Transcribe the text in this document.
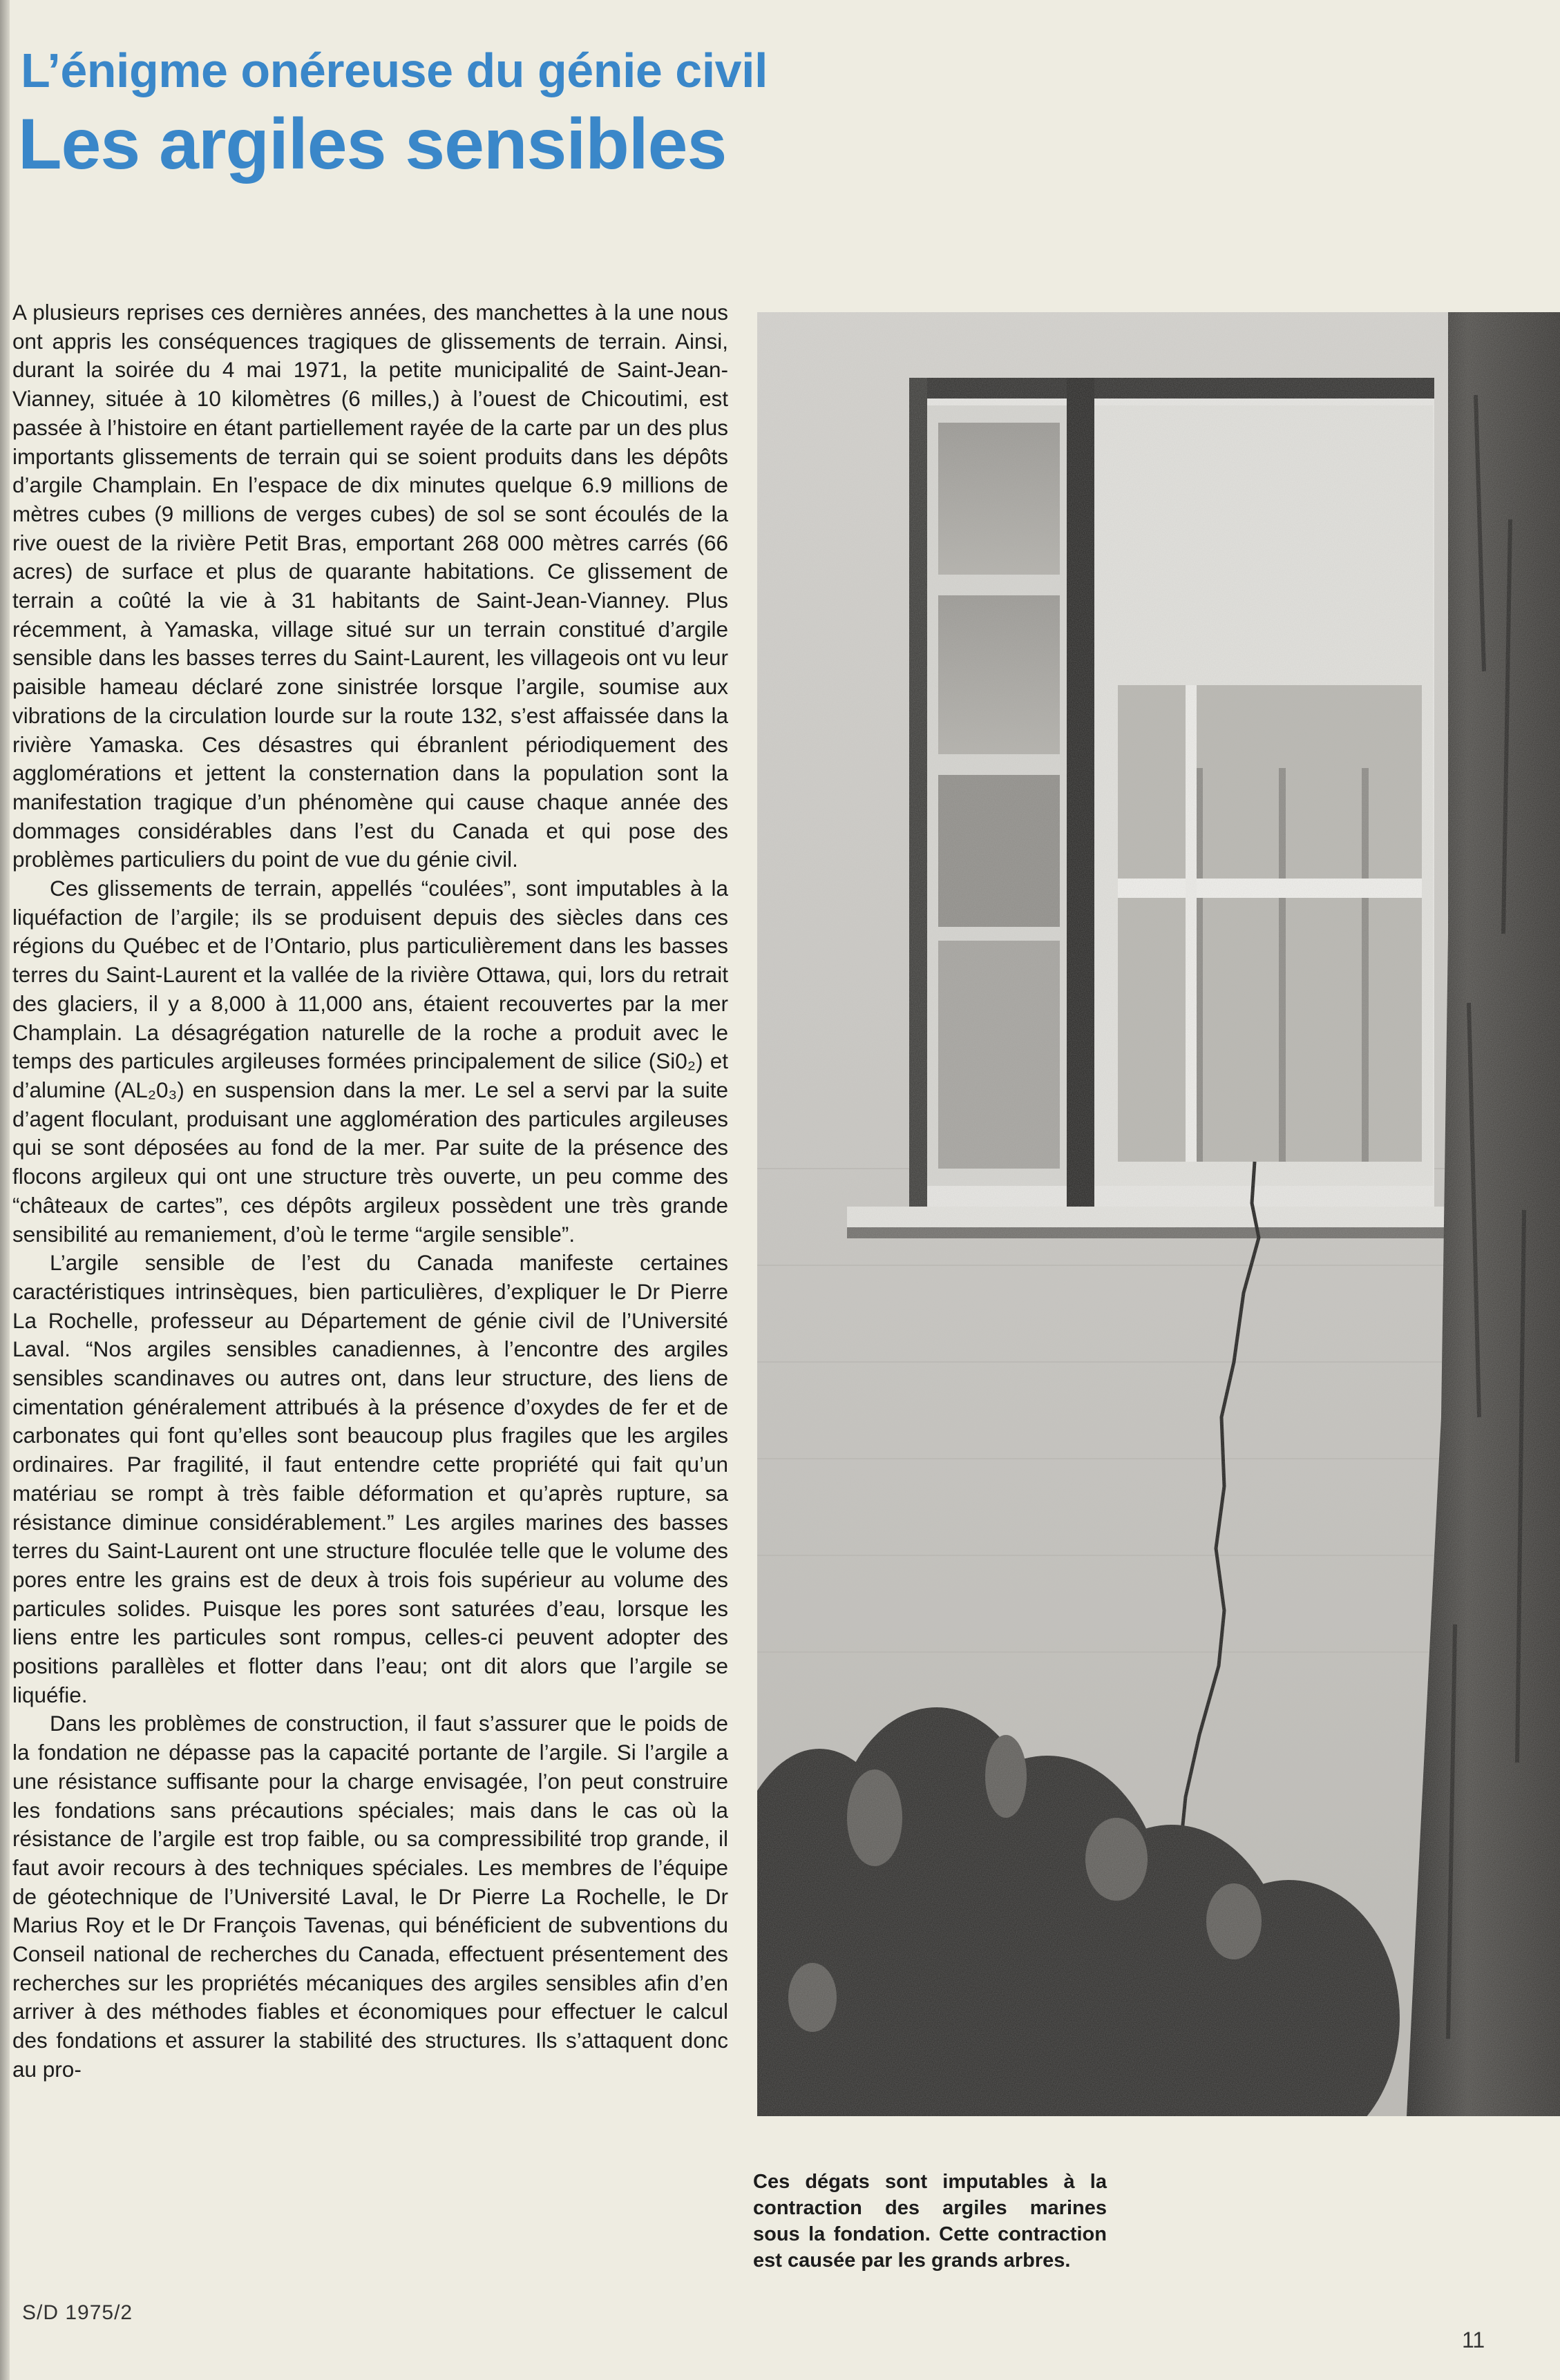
L’énigme onéreuse du génie civil
Les argiles sensibles

A plusieurs reprises ces dernières années, des manchettes à la une nous ont appris les conséquences tragiques de glissements de terrain. Ainsi, durant la soirée du 4 mai 1971, la petite municipalité de Saint-Jean-Vianney, située à 10 kilomètres (6 milles,) à l’ouest de Chicoutimi, est passée à l’histoire en étant partiellement rayée de la carte par un des plus importants glissements de terrain qui se soient produits dans les dépôts d’argile Champlain. En l’espace de dix minutes quelque 6.9 millions de mètres cubes (9 millions de verges cubes) de sol se sont écoulés de la rive ouest de la rivière Petit Bras, emportant 268 000 mètres carrés (66 acres) de surface et plus de quarante habitations. Ce glissement de terrain a coûté la vie à 31 habitants de Saint-Jean-Vianney. Plus récemment, à Yamaska, village situé sur un terrain constitué d’argile sensible dans les basses terres du Saint-Laurent, les villageois ont vu leur paisible hameau déclaré zone sinistrée lorsque l’argile, soumise aux vibrations de la circulation lourde sur la route 132, s’est affaissée dans la rivière Yamaska. Ces désastres qui ébranlent périodiquement des agglomérations et jettent la consternation dans la population sont la manifestation tragique d’un phénomène qui cause chaque année des dommages considérables dans l’est du Canada et qui pose des problèmes particuliers du point de vue du génie civil.

Ces glissements de terrain, appellés “coulées”, sont imputables à la liquéfaction de l’argile; ils se produisent depuis des siècles dans ces régions du Québec et de l’Ontario, plus particulièrement dans les basses terres du Saint-Laurent et la vallée de la rivière Ottawa, qui, lors du retrait des glaciers, il y a 8,000 à 11,000 ans, étaient recouvertes par la mer Champlain. La désagrégation naturelle de la roche a produit avec le temps des particules argileuses formées principalement de silice (Si0₂) et d’alumine (AL₂0₃) en suspension dans la mer. Le sel a servi par la suite d’agent floculant, produisant une agglomération des particules argileuses qui se sont déposées au fond de la mer. Par suite de la présence des flocons argileux qui ont une structure très ouverte, un peu comme des “châteaux de cartes”, ces dépôts argileux possèdent une très grande sensibilité au remaniement, d’où le terme “argile sensible”.

L’argile sensible de l’est du Canada manifeste certaines caractéristiques intrinsèques, bien particulières, d’expliquer le Dr Pierre La Rochelle, professeur au Département de génie civil de l’Université Laval. “Nos argiles sensibles canadiennes, à l’encontre des argiles sensibles scandinaves ou autres ont, dans leur structure, des liens de cimentation généralement attribués à la présence d’oxydes de fer et de carbonates qui font qu’elles sont beaucoup plus fragiles que les argiles ordinaires. Par fragilité, il faut entendre cette propriété qui fait qu’un matériau se rompt à très faible déformation et qu’après rupture, sa résistance diminue considérablement.” Les argiles marines des basses terres du Saint-Laurent ont une structure floculée telle que le volume des pores entre les grains est de deux à trois fois supérieur au volume des particules solides. Puisque les pores sont saturées d’eau, lorsque les liens entre les particules sont rompus, celles-ci peuvent adopter des positions parallèles et flotter dans l’eau; ont dit alors que l’argile se liquéfie.

Dans les problèmes de construction, il faut s’assurer que le poids de la fondation ne dépasse pas la capacité portante de l’argile. Si l’argile a une résistance suffisante pour la charge envisagée, l’on peut construire les fondations sans précautions spéciales; mais dans le cas où la résistance de l’argile est trop faible, ou sa compressibilité trop grande, il faut avoir recours à des techniques spéciales. Les membres de l’équipe de géotechnique de l’Université Laval, le Dr Pierre La Rochelle, le Dr Marius Roy et le Dr François Tavenas, qui bénéficient de subventions du Conseil national de recherches du Canada, effectuent présentement des recherches sur les propriétés mécaniques des argiles sensibles afin d’en arriver à des méthodes fiables et économiques pour effectuer le calcul des fondations et assurer la stabilité des structures. Ils s’attaquent donc au pro-

Ces dégats sont imputables à la contraction des argiles marines sous la fondation. Cette contraction est causée par les grands arbres.
S/D 1975/2
11
